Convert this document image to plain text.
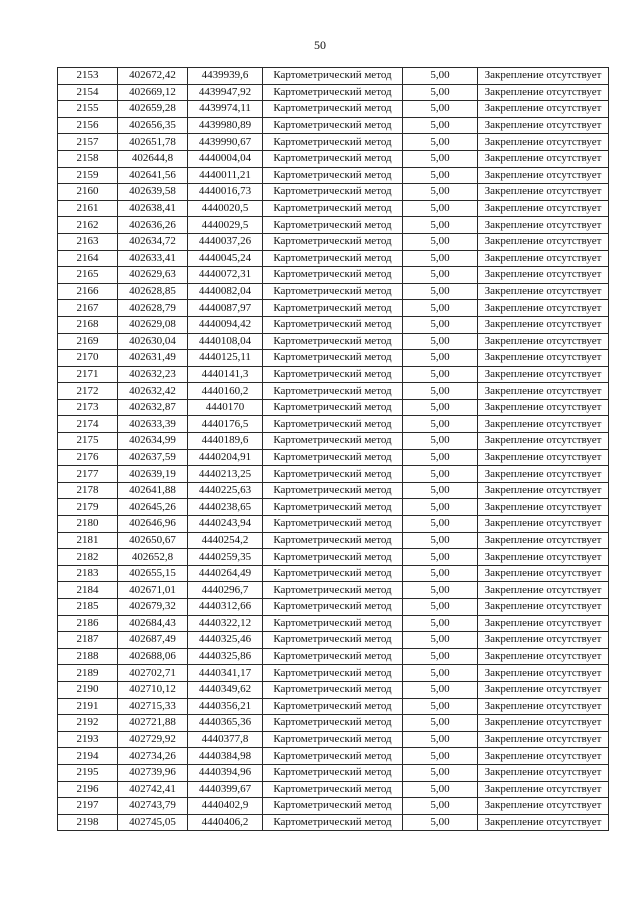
50
2153	402672,42	4439939,6	Картометрический метод	5,00	Закрепление отсутствует
2154	402669,12	4439947,92	Картометрический метод	5,00	Закрепление отсутствует
2155	402659,28	4439974,11	Картометрический метод	5,00	Закрепление отсутствует
2156	402656,35	4439980,89	Картометрический метод	5,00	Закрепление отсутствует
2157	402651,78	4439990,67	Картометрический метод	5,00	Закрепление отсутствует
2158	402644,8	4440004,04	Картометрический метод	5,00	Закрепление отсутствует
2159	402641,56	4440011,21	Картометрический метод	5,00	Закрепление отсутствует
2160	402639,58	4440016,73	Картометрический метод	5,00	Закрепление отсутствует
2161	402638,41	4440020,5	Картометрический метод	5,00	Закрепление отсутствует
2162	402636,26	4440029,5	Картометрический метод	5,00	Закрепление отсутствует
2163	402634,72	4440037,26	Картометрический метод	5,00	Закрепление отсутствует
2164	402633,41	4440045,24	Картометрический метод	5,00	Закрепление отсутствует
2165	402629,63	4440072,31	Картометрический метод	5,00	Закрепление отсутствует
2166	402628,85	4440082,04	Картометрический метод	5,00	Закрепление отсутствует
2167	402628,79	4440087,97	Картометрический метод	5,00	Закрепление отсутствует
2168	402629,08	4440094,42	Картометрический метод	5,00	Закрепление отсутствует
2169	402630,04	4440108,04	Картометрический метод	5,00	Закрепление отсутствует
2170	402631,49	4440125,11	Картометрический метод	5,00	Закрепление отсутствует
2171	402632,23	4440141,3	Картометрический метод	5,00	Закрепление отсутствует
2172	402632,42	4440160,2	Картометрический метод	5,00	Закрепление отсутствует
2173	402632,87	4440170	Картометрический метод	5,00	Закрепление отсутствует
2174	402633,39	4440176,5	Картометрический метод	5,00	Закрепление отсутствует
2175	402634,99	4440189,6	Картометрический метод	5,00	Закрепление отсутствует
2176	402637,59	4440204,91	Картометрический метод	5,00	Закрепление отсутствует
2177	402639,19	4440213,25	Картометрический метод	5,00	Закрепление отсутствует
2178	402641,88	4440225,63	Картометрический метод	5,00	Закрепление отсутствует
2179	402645,26	4440238,65	Картометрический метод	5,00	Закрепление отсутствует
2180	402646,96	4440243,94	Картометрический метод	5,00	Закрепление отсутствует
2181	402650,67	4440254,2	Картометрический метод	5,00	Закрепление отсутствует
2182	402652,8	4440259,35	Картометрический метод	5,00	Закрепление отсутствует
2183	402655,15	4440264,49	Картометрический метод	5,00	Закрепление отсутствует
2184	402671,01	4440296,7	Картометрический метод	5,00	Закрепление отсутствует
2185	402679,32	4440312,66	Картометрический метод	5,00	Закрепление отсутствует
2186	402684,43	4440322,12	Картометрический метод	5,00	Закрепление отсутствует
2187	402687,49	4440325,46	Картометрический метод	5,00	Закрепление отсутствует
2188	402688,06	4440325,86	Картометрический метод	5,00	Закрепление отсутствует
2189	402702,71	4440341,17	Картометрический метод	5,00	Закрепление отсутствует
2190	402710,12	4440349,62	Картометрический метод	5,00	Закрепление отсутствует
2191	402715,33	4440356,21	Картометрический метод	5,00	Закрепление отсутствует
2192	402721,88	4440365,36	Картометрический метод	5,00	Закрепление отсутствует
2193	402729,92	4440377,8	Картометрический метод	5,00	Закрепление отсутствует
2194	402734,26	4440384,98	Картометрический метод	5,00	Закрепление отсутствует
2195	402739,96	4440394,96	Картометрический метод	5,00	Закрепление отсутствует
2196	402742,41	4440399,67	Картометрический метод	5,00	Закрепление отсутствует
2197	402743,79	4440402,9	Картометрический метод	5,00	Закрепление отсутствует
2198	402745,05	4440406,2	Картометрический метод	5,00	Закрепление отсутствует
